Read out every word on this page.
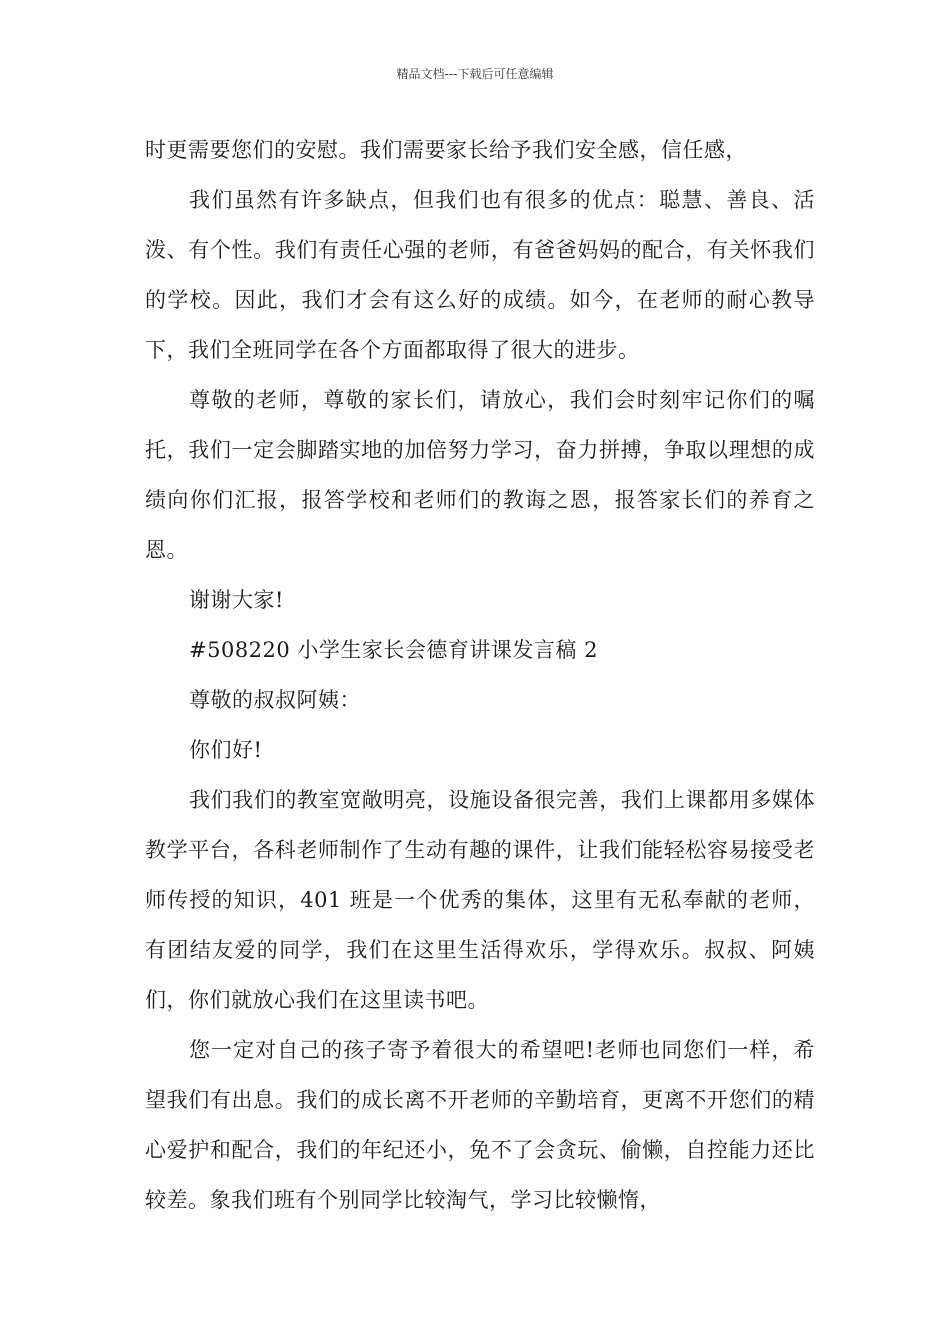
精品文档---下载后可任意编辑

时更需要您们的安慰。我们需要家长给予我们安全感，信任感，

我们虽然有许多缺点，但我们也有很多的优点：聪慧、善良、活泼、有个性。我们有责任心强的老师，有爸爸妈妈的配合，有关怀我们的学校。因此，我们才会有这么好的成绩。如今，在老师的耐心教导下，我们全班同学在各个方面都取得了很大的进步。

尊敬的老师，尊敬的家长们，请放心，我们会时刻牢记你们的嘱托，我们一定会脚踏实地的加倍努力学习，奋力拼搏，争取以理想的成绩向你们汇报，报答学校和老师们的教诲之恩，报答家长们的养育之恩。

谢谢大家!

#508220 小学生家长会德育讲课发言稿 2

尊敬的叔叔阿姨：

你们好!

我们我们的教室宽敞明亮，设施设备很完善，我们上课都用多媒体教学平台，各科老师制作了生动有趣的课件，让我们能轻松容易接受老师传授的知识，401 班是一个优秀的集体，这里有无私奉献的老师，有团结友爱的同学，我们在这里生活得欢乐，学得欢乐。叔叔、阿姨们，你们就放心我们在这里读书吧。

您一定对自己的孩子寄予着很大的希望吧!老师也同您们一样，希望我们有出息。我们的成长离不开老师的辛勤培育，更离不开您们的精心爱护和配合，我们的年纪还小，免不了会贪玩、偷懒，自控能力还比较差。象我们班有个别同学比较淘气，学习比较懒惰，
